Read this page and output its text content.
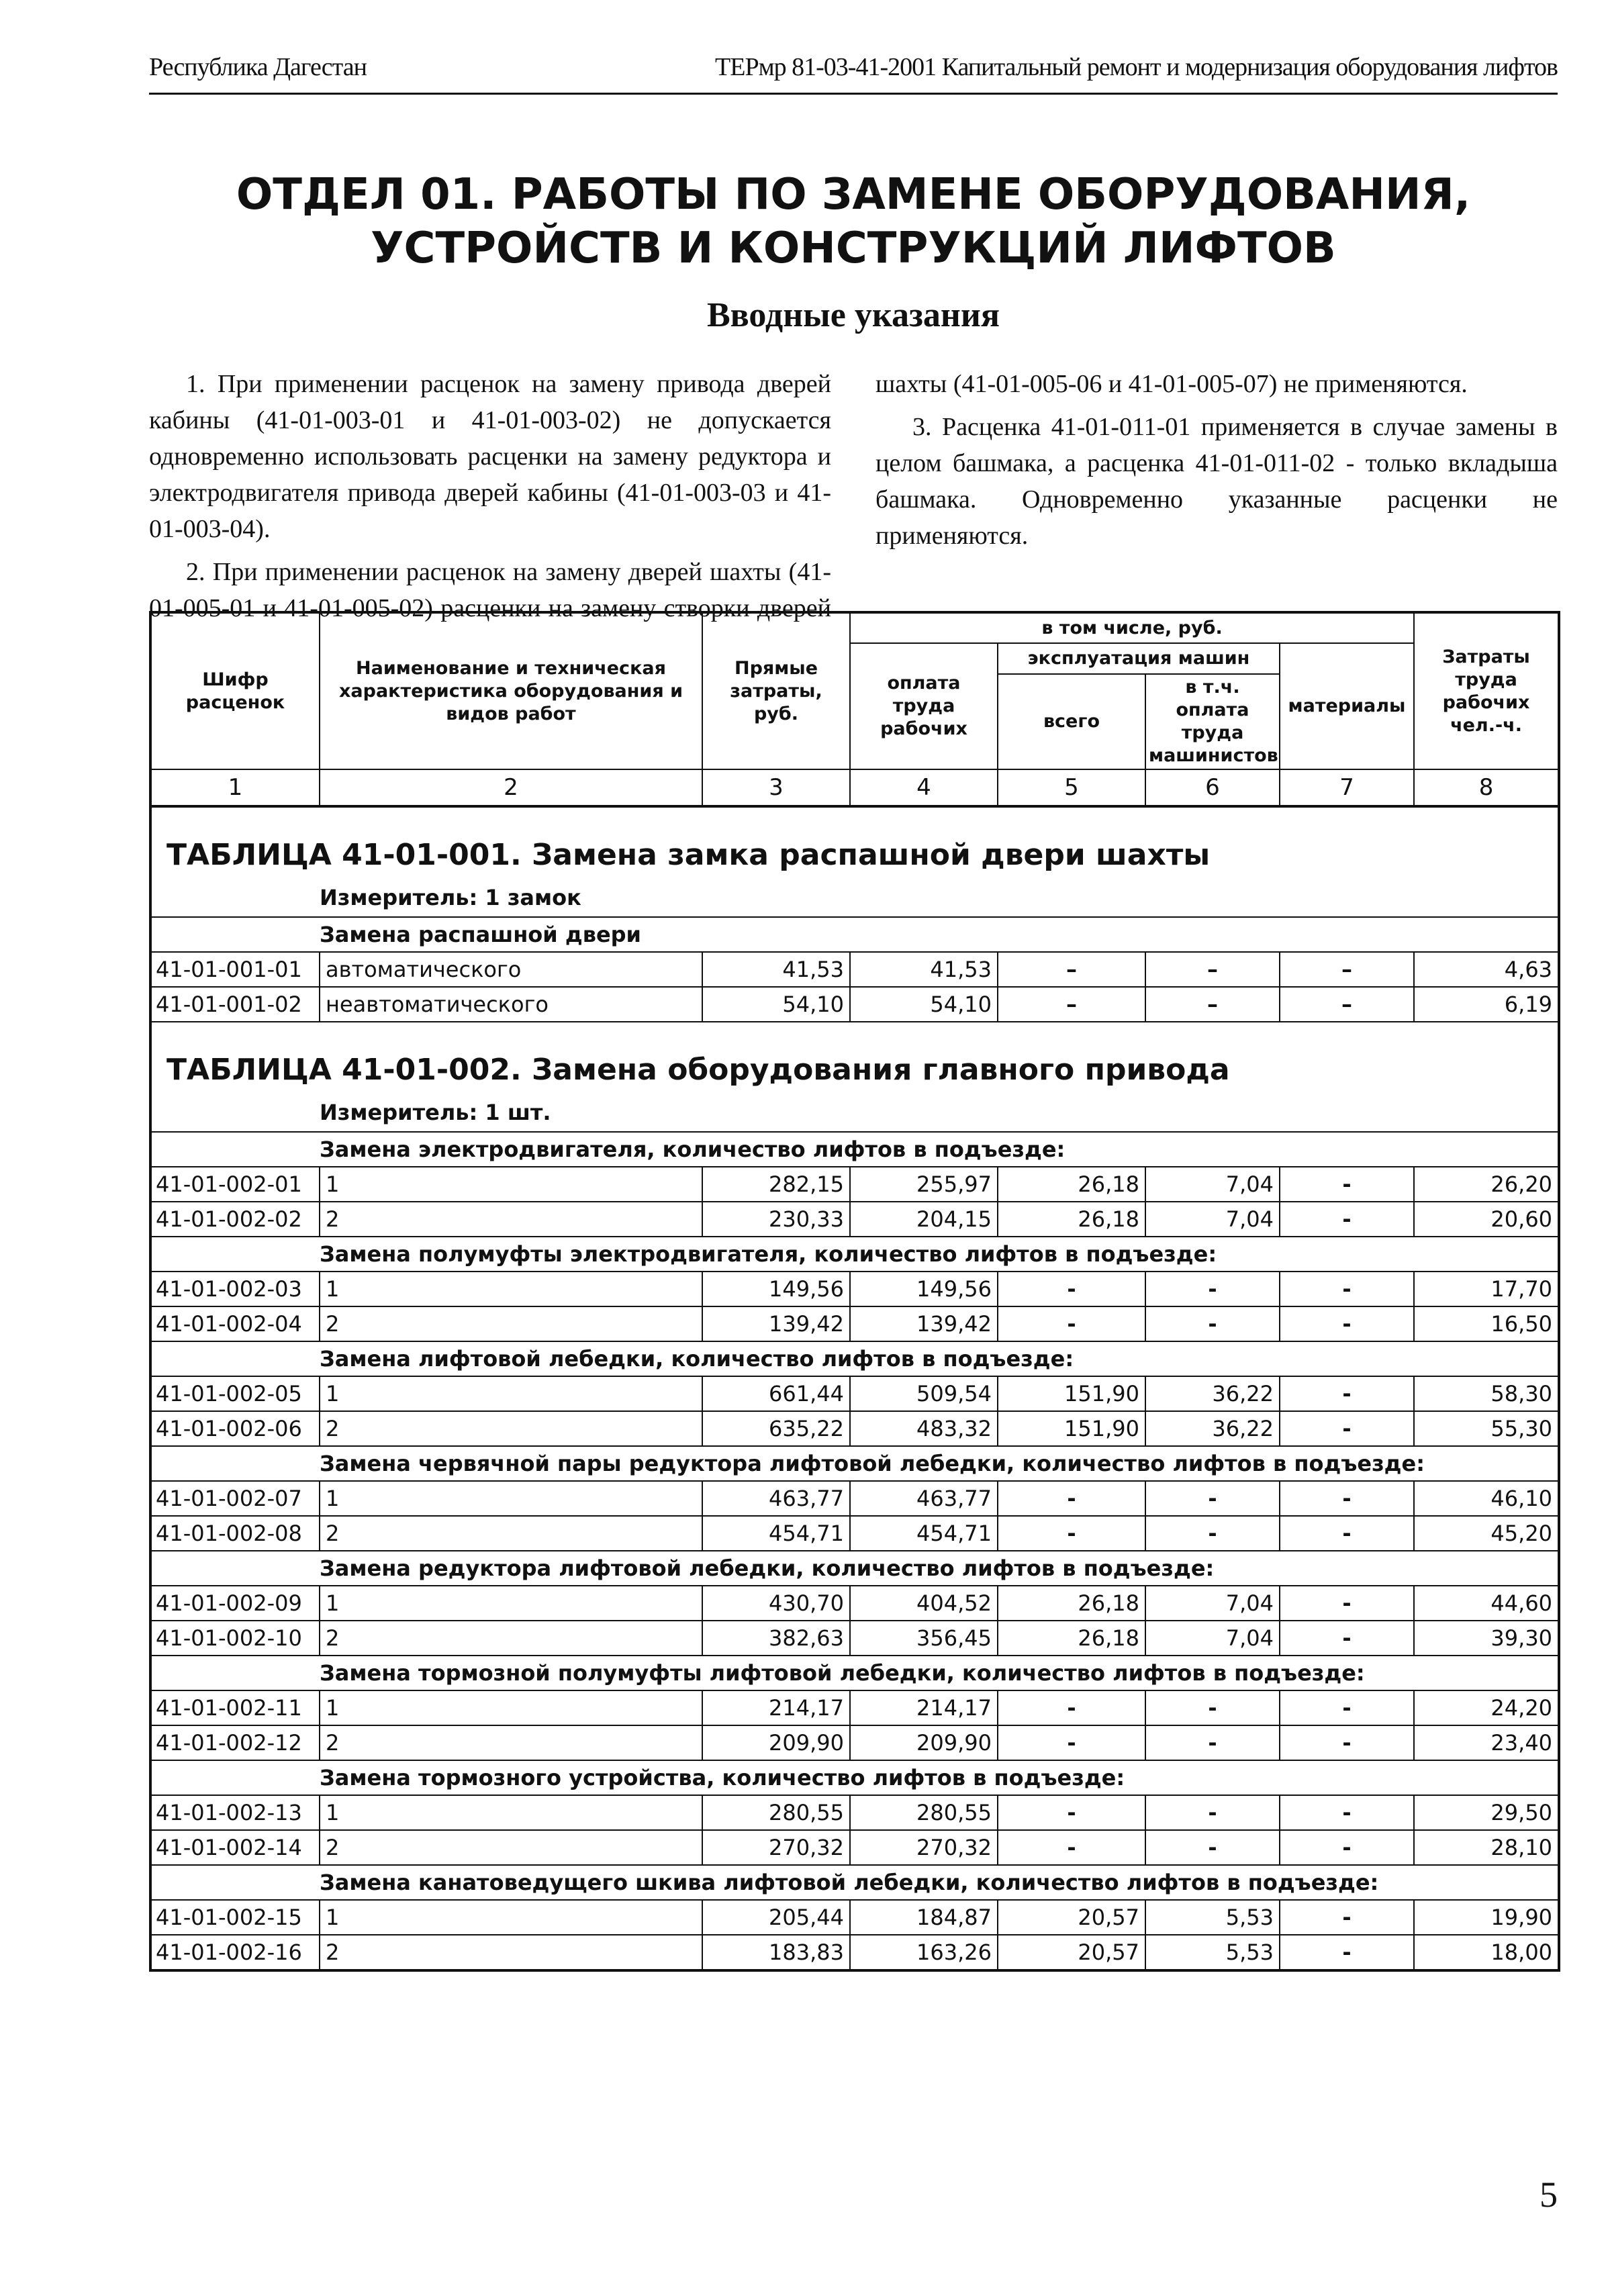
Республика Дагестан	ТЕРмр 81-03-41-2001 Капитальный ремонт и модернизация оборудования лифтов
ОТДЕЛ 01. РАБОТЫ ПО ЗАМЕНЕ ОБОРУДОВАНИЯ,
УСТРОЙСТВ И КОНСТРУКЦИЙ ЛИФТОВ
Вводные указания

1. При применении расценок на замену привода дверей кабины (41-01-003-01 и 41-01-003-02) не допускается одновременно использовать расценки на замену редуктора и электродвигателя привода дверей кабины (41-01-003-03 и 41-01-003-04).

2. При применении расценок на замену дверей шахты (41-01-005-01 и 41-01-005-02) расценки на замену створки дверей шахты (41-01-005-06 и 41-01-005-07) не применяются.

3. Расценка 41-01-011-01 применяется в случае замены в целом башмака, а расценка 41-01-011-02 - только вкладыша башмака. Одновременно указанные расценки не применяются.

Шифр расценок	Наименование и техническая характеристика оборудования и видов работ	Прямые затраты, руб.	в том числе, руб.				Затраты труда рабочих чел.-ч.
			оплата труда рабочих	эксплуатация машин		материалы	
				всего	в т.ч. оплата труда машинистов		
1	2	3	4	5	6	7	8
ТАБЛИЦА 41-01-001. Замена замка распашной двери шахты							
Измеритель: 1 замок							
Замена распашной двери							
41-01-001-01	автоматического	41,53	41,53	–	–	–	4,63
41-01-001-02	неавтоматического	54,10	54,10	–	–	–	6,19
ТАБЛИЦА 41-01-002. Замена оборудования главного привода							
Измеритель: 1 шт.							
Замена электродвигателя, количество лифтов в подъезде:							
41-01-002-01	1	282,15	255,97	26,18	7,04	-	26,20
41-01-002-02	2	230,33	204,15	26,18	7,04	-	20,60
Замена полумуфты электродвигателя, количество лифтов в подъезде:							
41-01-002-03	1	149,56	149,56	-	-	-	17,70
41-01-002-04	2	139,42	139,42	-	-	-	16,50
Замена лифтовой лебедки, количество лифтов в подъезде:							
41-01-002-05	1	661,44	509,54	151,90	36,22	-	58,30
41-01-002-06	2	635,22	483,32	151,90	36,22	-	55,30
Замена червячной пары редуктора лифтовой лебедки, количество лифтов в подъезде:							
41-01-002-07	1	463,77	463,77	-	-	-	46,10
41-01-002-08	2	454,71	454,71	-	-	-	45,20
Замена редуктора лифтовой лебедки, количество лифтов в подъезде:							
41-01-002-09	1	430,70	404,52	26,18	7,04	-	44,60
41-01-002-10	2	382,63	356,45	26,18	7,04	-	39,30
Замена тормозной полумуфты лифтовой лебедки, количество лифтов в подъезде:							
41-01-002-11	1	214,17	214,17	-	-	-	24,20
41-01-002-12	2	209,90	209,90	-	-	-	23,40
Замена тормозного устройства, количество лифтов в подъезде:							
41-01-002-13	1	280,55	280,55	-	-	-	29,50
41-01-002-14	2	270,32	270,32	-	-	-	28,10
Замена канатоведущего шкива лифтовой лебедки, количество лифтов в подъезде:							
41-01-002-15	1	205,44	184,87	20,57	5,53	-	19,90
41-01-002-16	2	183,83	163,26	20,57	5,53	-	18,00
5
